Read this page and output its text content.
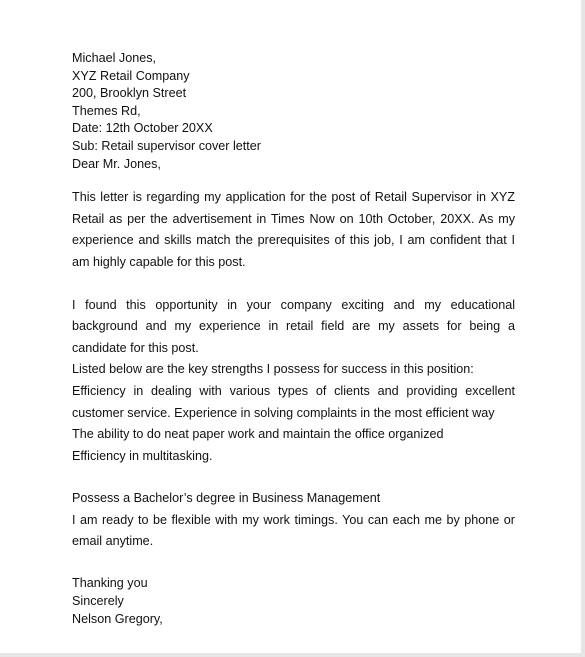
Michael Jones,
XYZ Retail Company
200, Brooklyn Street
Themes Rd,
Date: 12th October 20XX
Sub: Retail supervisor cover letter
Dear Mr. Jones,
This letter is regarding my application for the post of Retail Supervisor in XYZ Retail as per the advertisement in Times Now on 10th October, 20XX. As my experience and skills match the prerequisites of this job, I am confident that I am highly capable for this post.
I found this opportunity in your company exciting and my educational background and my experience in retail field are my assets for being a candidate for this post.
Listed below are the key strengths I possess for success in this position:
Efficiency in dealing with various types of clients and providing excellent customer service. Experience in solving complaints in the most efficient way
The ability to do neat paper work and maintain the office organized
Efficiency in multitasking.
Possess a Bachelor’s degree in Business Management
I am ready to be flexible with my work timings. You can each me by phone or email anytime.
Thanking you
Sincerely
Nelson Gregory,
